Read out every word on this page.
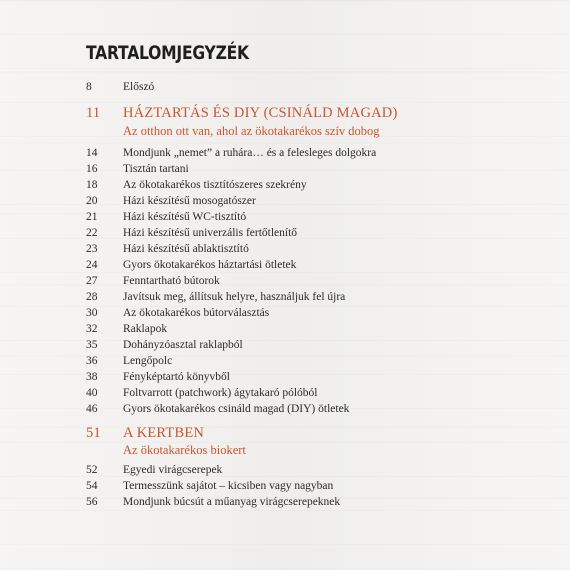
TARTALOMJEGYZÉK
8	Előszó
11	HÁZTARTÁS ÉS DIY (CSINÁLD MAGAD)
Az otthon ott van, ahol az ökotakarékos szív dobog
14	Mondjunk „nemet” a ruhára… és a felesleges dolgokra
16	Tisztán tartani
18	Az ökotakarékos tisztítószeres szekrény
20	Házi készítésű mosogatószer
21	Házi készítésű WC-tisztító
22	Házi készítésű univerzális fertőtlenítő
23	Házi készítésű ablaktisztító
24	Gyors ökotakarékos háztartási ötletek
27	Fenntartható bútorok
28	Javítsuk meg, állítsuk helyre, használjuk fel újra
30	Az ökotakarékos bútorválasztás
32	Raklapok
35	Dohányzóasztal raklapból
36	Lengőpolc
38	Fényképtartó könyvből
40	Foltvarrott (patchwork) ágytakaró pólóból
46	Gyors ökotakarékos csináld magad (DIY) ötletek
51	A KERTBEN
Az ökotakarékos biokert
52	Egyedi virágcserepek
54	Termesszünk sajátot – kicsiben vagy nagyban
56	Mondjunk búcsút a műanyag virágcserepeknek
